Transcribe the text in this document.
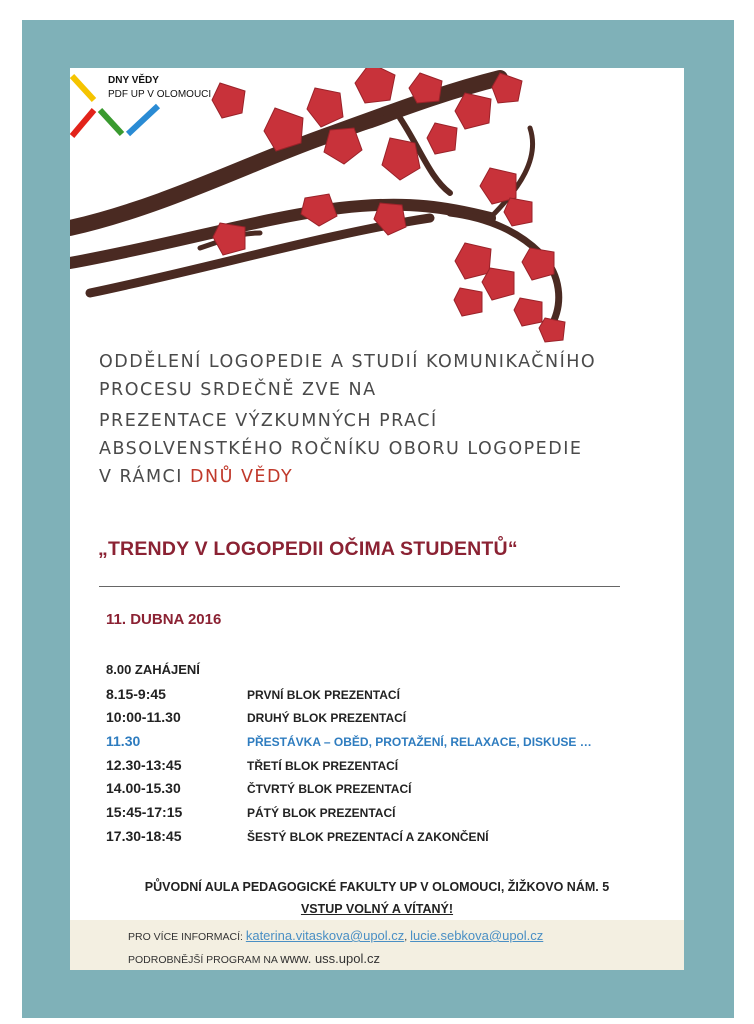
DNY VĚDY
PDF UP V OLOMOUCI
ODDĚLENÍ LOGOPEDIE A STUDIÍ KOMUNIKAČNÍHO
PROCESU SRDEČNĚ ZVE NA
PREZENTACE VÝZKUMNÝCH PRACÍ
ABSOLVENSTKÉHO ROČNÍKU OBORU LOGOPEDIE
V RÁMCI DNŮ VĚDY
„TRENDY V LOGOPEDII OČIMA STUDENTŮ“
11. DUBNA 2016
8.00 ZAHÁJENÍ
8.15-9:45	PRVNÍ BLOK PREZENTACÍ
10:00-11.30	DRUHÝ BLOK PREZENTACÍ
11.30	PŘESTÁVKA – OBĚD, PROTAŽENÍ, RELAXACE, DISKUSE …
12.30-13:45	TŘETÍ BLOK PREZENTACÍ
14.00-15.30	ČTVRTÝ BLOK PREZENTACÍ
15:45-17:15	PÁTÝ BLOK PREZENTACÍ
17.30-18:45	ŠESTÝ BLOK PREZENTACÍ A ZAKONČENÍ
PŮVODNÍ AULA PEDAGOGICKÉ FAKULTY UP V OLOMOUCI, ŽIŽKOVO NÁM. 5
VSTUP VOLNÝ A VÍTANÝ!
PRO VÍCE INFORMACÍ: katerina.vitaskova@upol.cz, lucie.sebkova@upol.cz
PODROBNĚJŠÍ PROGRAM NA www. uss.upol.cz
